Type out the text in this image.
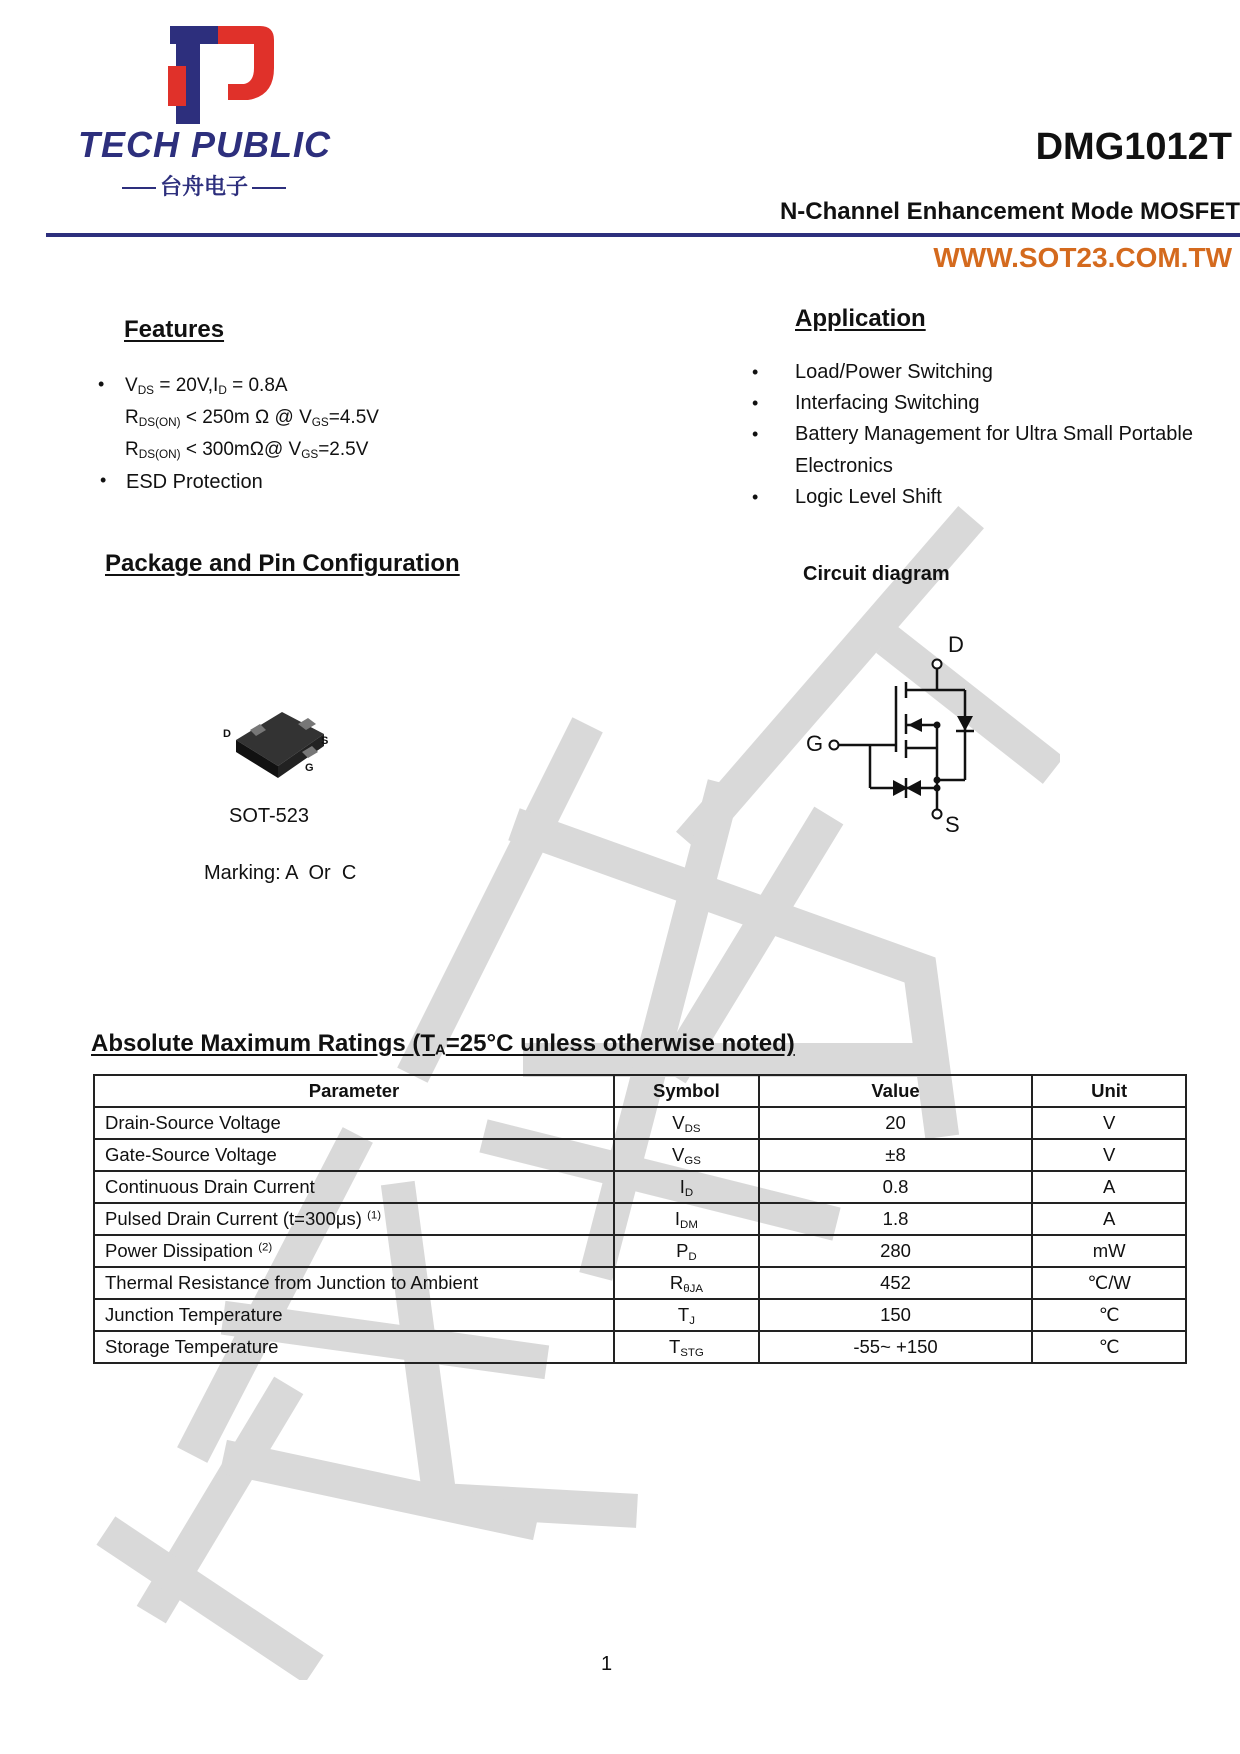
TECH PUBLIC
台舟电子
DMG1012T
N-Channel Enhancement Mode MOSFET
WWW.SOT23.COM.TW
Features
• $V_{DS} = 20V,I_D = 0.8A$
$R_{DS(ON)} < 250m$ Ω @ $V_{GS}=4.5V$
$R_{DS(ON)}$ < 300mΩ@ $V_{GS}=2.5V$
• ESD Protection
Application
• Load/Power Switching
• Interfacing Switching
• Battery Management for Ultra Small Portable
Electronics
• Logic Level Shift
Package and Pin Configuration
D
S
G
SOT-523
Marking: A  Or  C
Circuit diagram
D
G
S
Absolute Maximum Ratings ($T_A=25^\circ C$ unless otherwise noted)
Parameter	Symbol	Value	Unit
Drain-Source Voltage	$V_{DS}$	20	V
Gate-Source Voltage	$V_{GS}$	±8	V
Continuous Drain Current	$I_D$	0.8	A
Pulsed Drain Current (t=300μs) $^{(1)}$	$I_{DM}$	1.8	A
Power Dissipation $^{(2)}$	$P_D$	280	mW
Thermal Resistance from Junction to Ambient	$R_{\theta JA}$	452	℃/W
Junction Temperature	$T_J$	150	℃
Storage Temperature	$T_{STG}$	-55~ +150	℃
1
